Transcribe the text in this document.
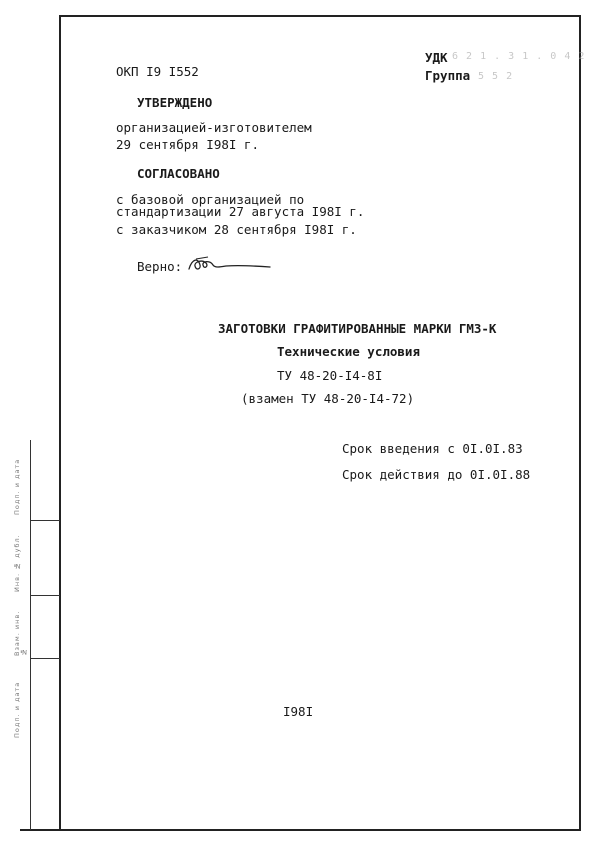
Подп. и дата
Инв. № дубл.
Взам. инв. №
Подп. и дата
ОКП I9 I552
УДК 6 2 1 . 3 1 . 0 4 2
Группа 5 5 2
УТВЕРЖДЕНО
организацией-изготовителем
29 сентября I98I г.
СОГЛАСОВАНО
с базовой организацией по
стандартизации 27 августа I98I г.
с заказчиком 28 сентября I98I г.
Верно:
ЗАГОТОВКИ ГРАФИТИРОВАННЫЕ МАРКИ ГМЗ-К
Технические условия
ТУ 48-20-I4-8I
(взамен ТУ 48-20-I4-72)
Срок введения с 0I.0I.83
Срок действия до 0I.0I.88
I98I
